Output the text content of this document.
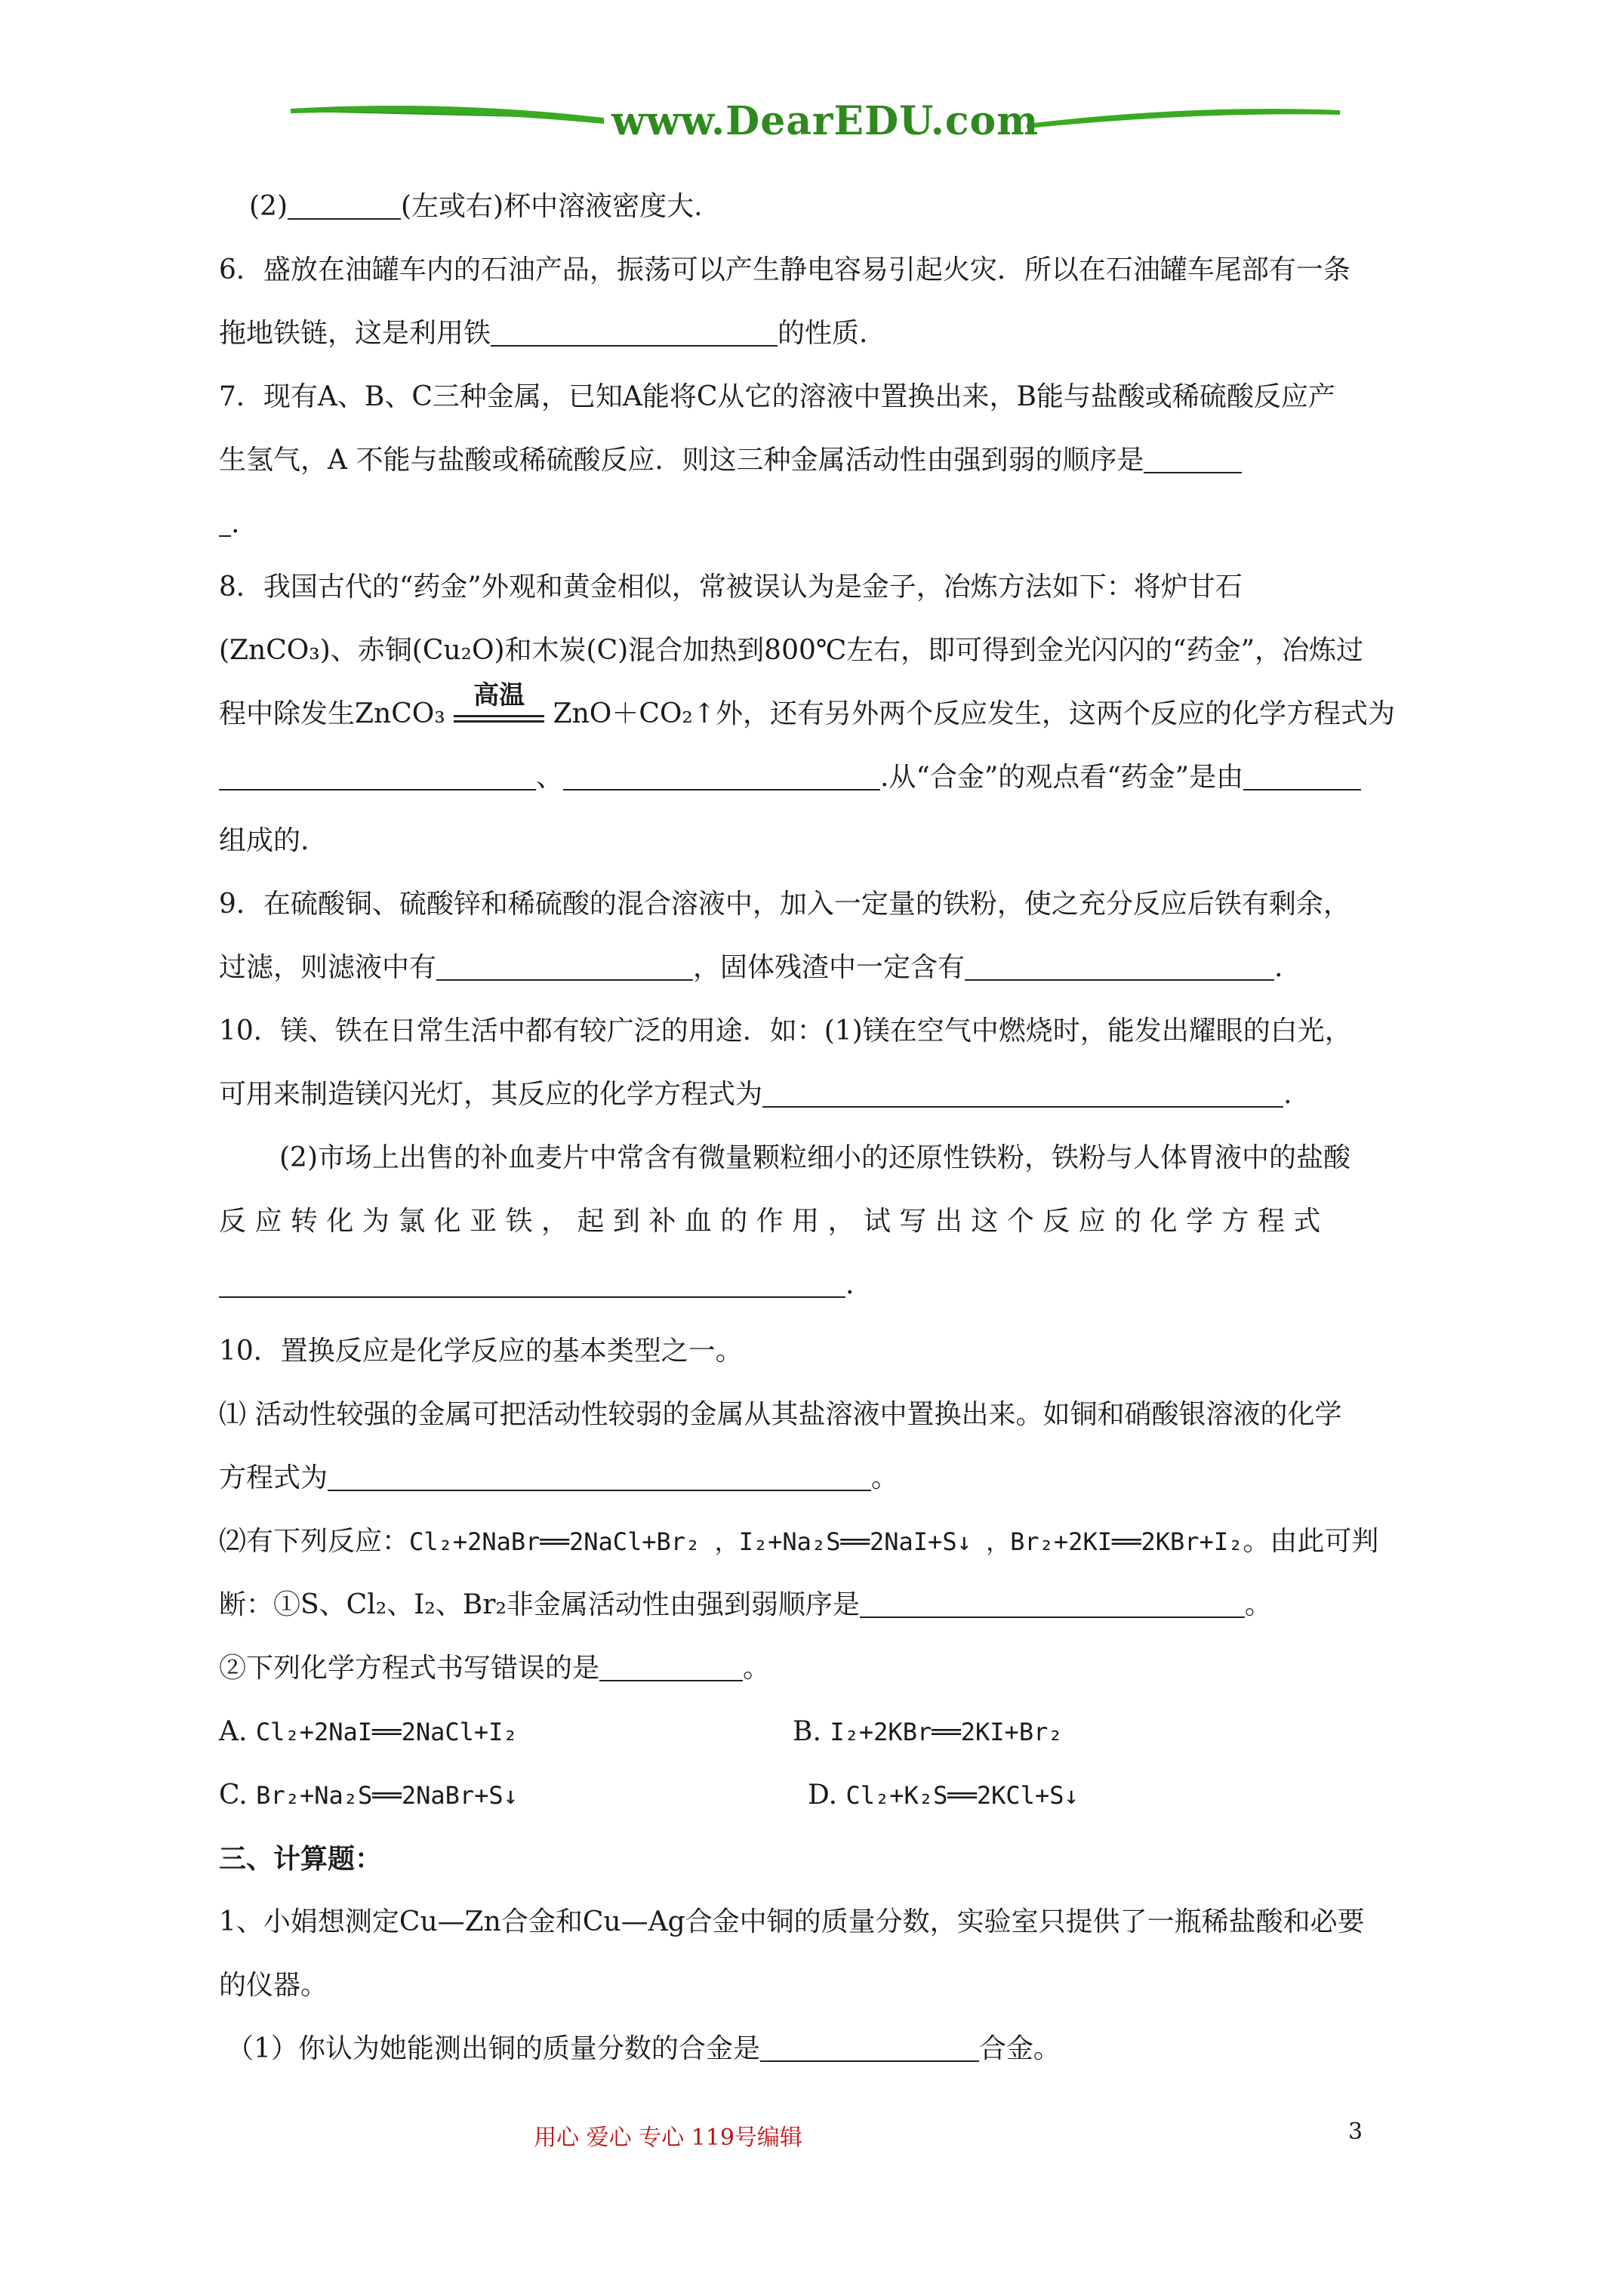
www.DearEDU.com
(2)	(左或右)杯中溶液密度大.
6．盛放在油罐车内的石油产品，振荡可以产生静电容易引起火灾．所以在石油罐车尾部有一条
拖地铁链，这是利用铁	的性质.
7．现有A、B、C三种金属，已知A能将C从它的溶液中置换出来，B能与盐酸或稀硫酸反应产
生氢气，A 不能与盐酸或稀硫酸反应．则这三种金属活动性由强到弱的顺序是
.
8．我国古代的“药金”外观和黄金相似，常被误认为是金子，冶炼方法如下：将炉甘石
(ZnCO₃)、赤铜(Cu₂O)和木炭(C)混合加热到800℃左右，即可得到金光闪闪的“药金”，冶炼过
程中除发生ZnCO₃
高温
ZnO＋CO₂↑外，还有另外两个反应发生，这两个反应的化学方程式为
、	.从“合金”的观点看“药金”是由
组成的.
9．在硫酸铜、硫酸锌和稀硫酸的混合溶液中，加入一定量的铁粉，使之充分反应后铁有剩余，
过滤，则滤液中有	，固体残渣中一定含有	.
10．镁、铁在日常生活中都有较广泛的用途．如：(1)镁在空气中燃烧时，能发出耀眼的白光，
可用来制造镁闪光灯，其反应的化学方程式为	.
(2)市场上出售的补血麦片中常含有微量颗粒细小的还原性铁粉，铁粉与人体胃液中的盐酸
反 应 转 化 为 氯 化 亚 铁 ， 起 到 补 血 的 作 用 ， 试 写 出 这 个 反 应 的 化 学 方 程 式
.
10．置换反应是化学反应的基本类型之一。
⑴ 活动性较强的金属可把活动性较弱的金属从其盐溶液中置换出来。如铜和硝酸银溶液的化学
方程式为	。
⑵有下列反应：Cl₂+2NaBr══2NaCl+Br₂ ，I₂+Na₂S══2NaI+S↓ ，Br₂+2KI══2KBr+I₂。由此可判
断：①S、Cl₂、I₂、Br₂非金属活动性由强到弱顺序是	。
②下列化学方程式书写错误的是	。
A. Cl₂+2NaI══2NaCl+I₂	B. I₂+2KBr══2KI+Br₂
C. Br₂+Na₂S══2NaBr+S↓	D. Cl₂+K₂S══2KCl+S↓
三、计算题：
1、小娟想测定Cu—Zn合金和Cu—Ag合金中铜的质量分数，实验室只提供了一瓶稀盐酸和必要
的仪器。
（1）你认为她能测出铜的质量分数的合金是	合金。
用心 爱心 专心 119号编辑	3
